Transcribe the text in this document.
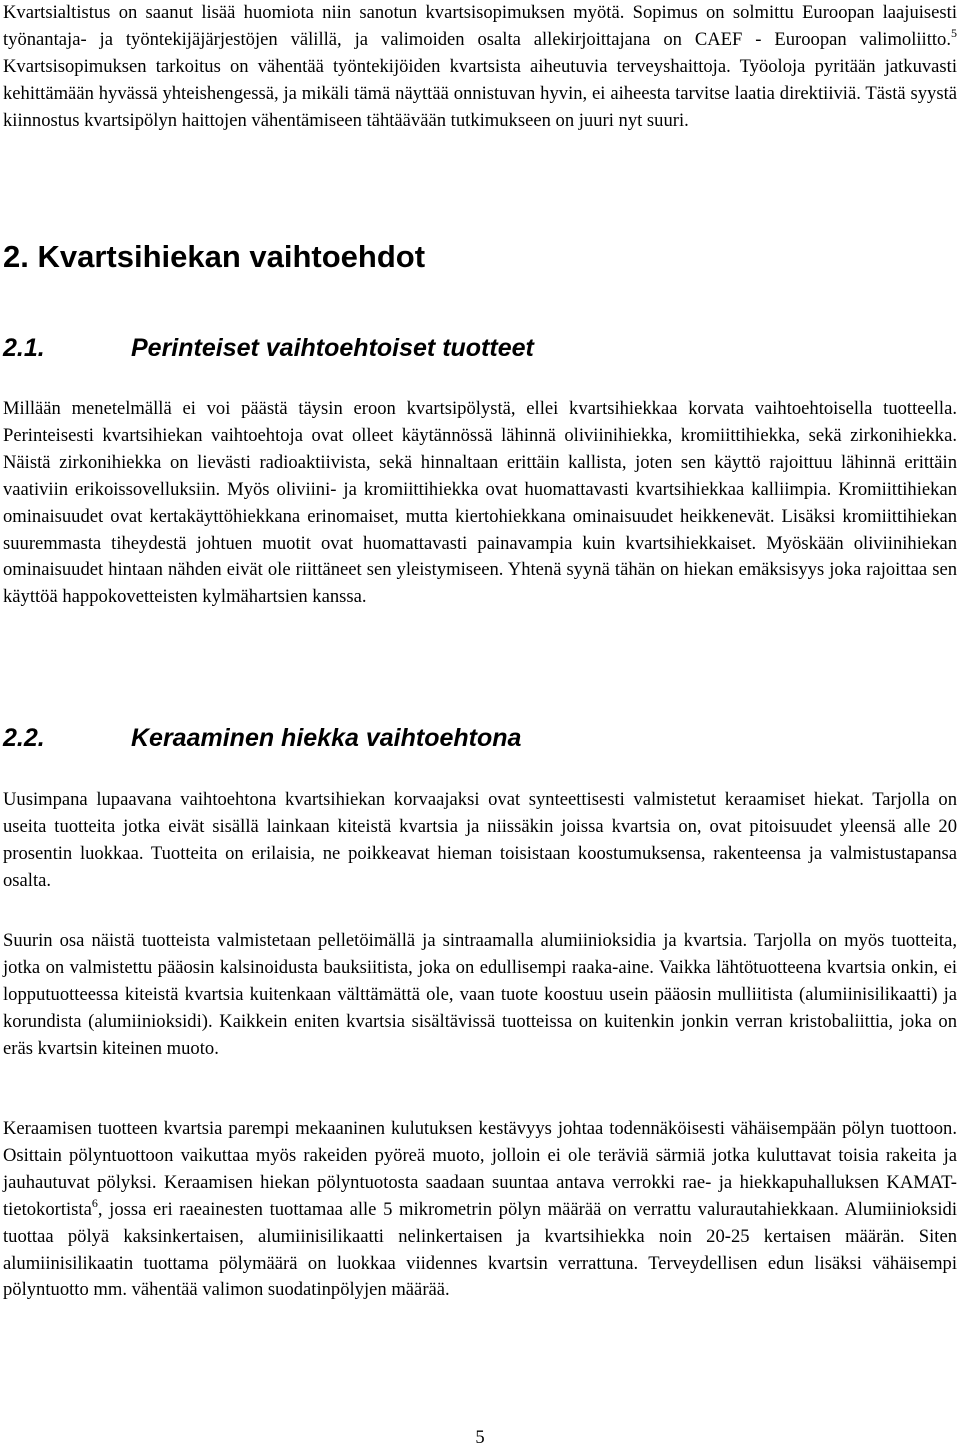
Kvartsialtistus on saanut lisää huomiota niin sanotun kvartsisopimuksen myötä. Sopimus on solmittu Euroopan laajuisesti työnantaja- ja työntekijäjärjestöjen välillä, ja valimoiden osalta allekirjoittajana on CAEF - Euroopan valimoliitto.$^5$ Kvartsisopimuksen tarkoitus on vähentää työntekijöiden kvartsista aiheutuvia terveyshaittoja. Työoloja pyritään jatkuvasti kehittämään hyvässä yhteishengessä, ja mikäli tämä näyttää onnistuvan hyvin, ei aiheesta tarvitse laatia direktiiviä. Tästä syystä kiinnostus kvartsipölyn haittojen vähentämiseen tähtäävään tutkimukseen on juuri nyt suuri.

2. Kvartsihiekan vaihtoehdot
2.1.	Perinteiset vaihtoehtoiset tuotteet

Millään menetelmällä ei voi päästä täysin eroon kvartsipölystä, ellei kvartsihiekkaa korvata vaihtoehtoisella tuotteella. Perinteisesti kvartsihiekan vaihtoehtoja ovat olleet käytännössä lähinnä oliviinihiekka, kromiittihiekka, sekä zirkonihiekka. Näistä zirkonihiekka on lievästi radioaktiivista, sekä hinnaltaan erittäin kallista, joten sen käyttö rajoittuu lähinnä erittäin vaativiin erikoissovelluksiin. Myös oliviini- ja kromiittihiekka ovat huomattavasti kvartsihiekkaa kalliimpia. Kromiittihiekan ominaisuudet ovat kertakäyttöhiekkana erinomaiset, mutta kiertohiekkana ominaisuudet heikkenevät. Lisäksi kromiittihiekan suuremmasta tiheydestä johtuen muotit ovat huomattavasti painavampia kuin kvartsihiekkaiset. Myöskään oliviinihiekan ominaisuudet hintaan nähden eivät ole riittäneet sen yleistymiseen. Yhtenä syynä tähän on hiekan emäksisyys joka rajoittaa sen käyttöä happokovetteisten kylmähartsien kanssa.

2.2.	Keraaminen hiekka vaihtoehtona

Uusimpana lupaavana vaihtoehtona kvartsihiekan korvaajaksi ovat synteettisesti valmistetut keraamiset hiekat. Tarjolla on useita tuotteita jotka eivät sisällä lainkaan kiteistä kvartsia ja niissäkin joissa kvartsia on, ovat pitoisuudet yleensä alle 20 prosentin luokkaa. Tuotteita on erilaisia, ne poikkeavat hieman toisistaan koostumuksensa, rakenteensa ja valmistustapansa osalta.

Suurin osa näistä tuotteista valmistetaan pelletöimällä ja sintraamalla alumiinioksidia ja kvartsia. Tarjolla on myös tuotteita, jotka on valmistettu pääosin kalsinoidusta bauksiitista, joka on edullisempi raaka-aine. Vaikka lähtötuotteena kvartsia onkin, ei lopputuotteessa kiteistä kvartsia kuitenkaan välttämättä ole, vaan tuote koostuu usein pääosin mulliitista (alumiinisilikaatti) ja korundista (alumiinioksidi). Kaikkein eniten kvartsia sisältävissä tuotteissa on kuitenkin jonkin verran kristobaliittia, joka on eräs kvartsin kiteinen muoto.

Keraamisen tuotteen kvartsia parempi mekaaninen kulutuksen kestävyys johtaa todennäköisesti vähäisempään pölyn tuottoon. Osittain pölyntuottoon vaikuttaa myös rakeiden pyöreä muoto, jolloin ei ole teräviä särmiä jotka kuluttavat toisia rakeita ja jauhautuvat pölyksi. Keraamisen hiekan pölyntuotosta saadaan suuntaa antava verrokki rae- ja hiekkapuhalluksen KAMAT-tietokortista$^6$, jossa eri raeainesten tuottamaa alle 5 mikrometrin pölyn määrää on verrattu valurautahiekkaan. Alumiinioksidi tuottaa pölyä kaksinkertaisen, alumiinisilikaatti nelinkertaisen ja kvartsihiekka noin 20-25 kertaisen määrän. Siten alumiinisilikaatin tuottama pölymäärä on luokkaa viidennes kvartsin verrattuna. Terveydellisen edun lisäksi vähäisempi pölyntuotto mm. vähentää valimon suodatinpölyjen määrää.

5
